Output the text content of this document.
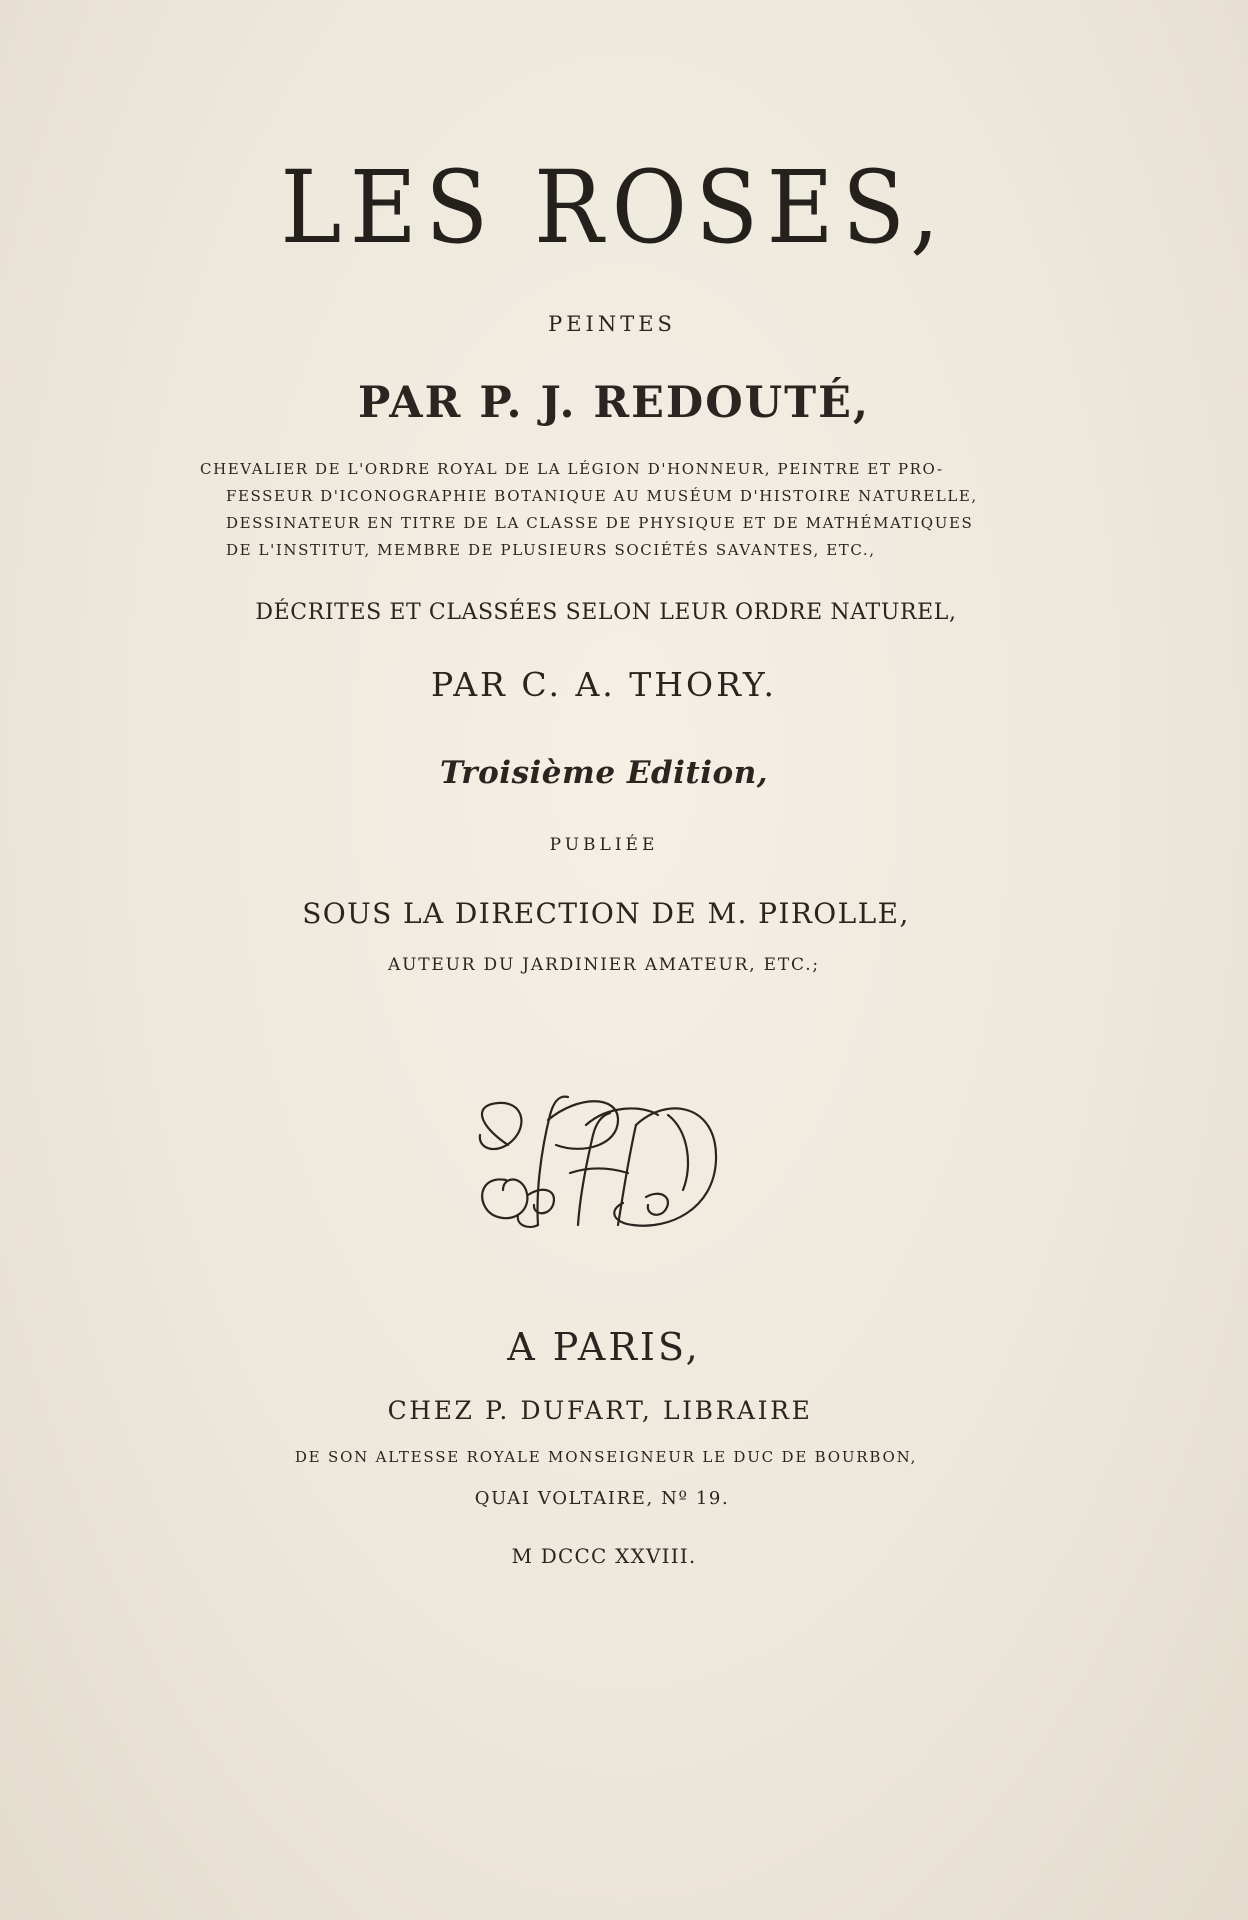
LES ROSES,
PEINTES
PAR P. J. REDOUTÉ,
CHEVALIER DE L'ORDRE ROYAL DE LA LÉGION D'HONNEUR, PEINTRE ET PRO-
FESSEUR D'ICONOGRAPHIE BOTANIQUE AU MUSÉUM D'HISTOIRE NATURELLE,
DESSINATEUR EN TITRE DE LA CLASSE DE PHYSIQUE ET DE MATHÉMATIQUES
DE L'INSTITUT, MEMBRE DE PLUSIEURS SOCIÉTÉS SAVANTES, ETC.,
DÉCRITES ET CLASSÉES SELON LEUR ORDRE NATUREL,
PAR C. A. THORY.
Troisième Edition,
PUBLIÉE
SOUS LA DIRECTION DE M. PIROLLE,
AUTEUR DU JARDINIER AMATEUR, ETC.;
A PARIS,
CHEZ P. DUFART, LIBRAIRE
DE SON ALTESSE ROYALE MONSEIGNEUR LE DUC DE BOURBON,
QUAI VOLTAIRE, Nº 19.
M DCCC XXVIII.
